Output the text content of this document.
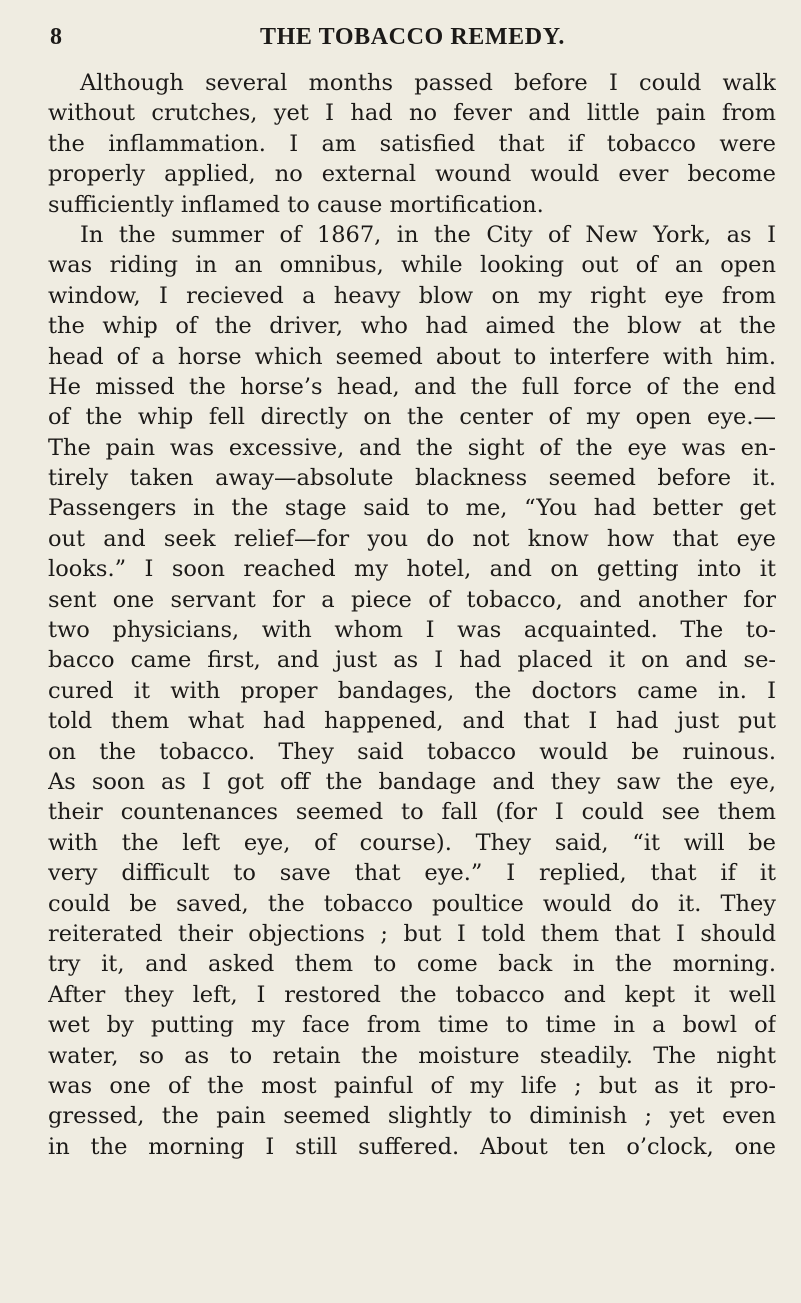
8	THE TOBACCO REMEDY.
Although several months passed before I could walk
without crutches, yet I had no fever and little pain from
the inflammation. I am satisfied that if tobacco were
properly applied, no external wound would ever become
sufficiently inflamed to cause mortification.
In the summer of 1867, in the City of New York, as I
was riding in an omnibus, while looking out of an open
window, I recieved a heavy blow on my right eye from
the whip of the driver, who had aimed the blow at the
head of a horse which seemed about to interfere with him.
He missed the horse’s head, and the full force of the end
of the whip fell directly on the center of my open eye.—
The pain was excessive, and the sight of the eye was en-
tirely taken away—absolute blackness seemed before it.
Passengers in the stage said to me, “You had better get
out and seek relief—for you do not know how that eye
looks.” I soon reached my hotel, and on getting into it
sent one servant for a piece of tobacco, and another for
two physicians, with whom I was acquainted. The to-
bacco came first, and just as I had placed it on and se-
cured it with proper bandages, the doctors came in. I
told them what had happened, and that I had just put
on the tobacco. They said tobacco would be ruinous.
As soon as I got off the bandage and they saw the eye,
their countenances seemed to fall (for I could see them
with the left eye, of course). They said, “it will be
very difficult to save that eye.” I replied, that if it
could be saved, the tobacco poultice would do it. They
reiterated their objections ; but I told them that I should
try it, and asked them to come back in the morning.
After they left, I restored the tobacco and kept it well
wet by putting my face from time to time in a bowl of
water, so as to retain the moisture steadily. The night
was one of the most painful of my life ; but as it pro-
gressed, the pain seemed slightly to diminish ; yet even
in the morning I still suffered. About ten o’clock, one
